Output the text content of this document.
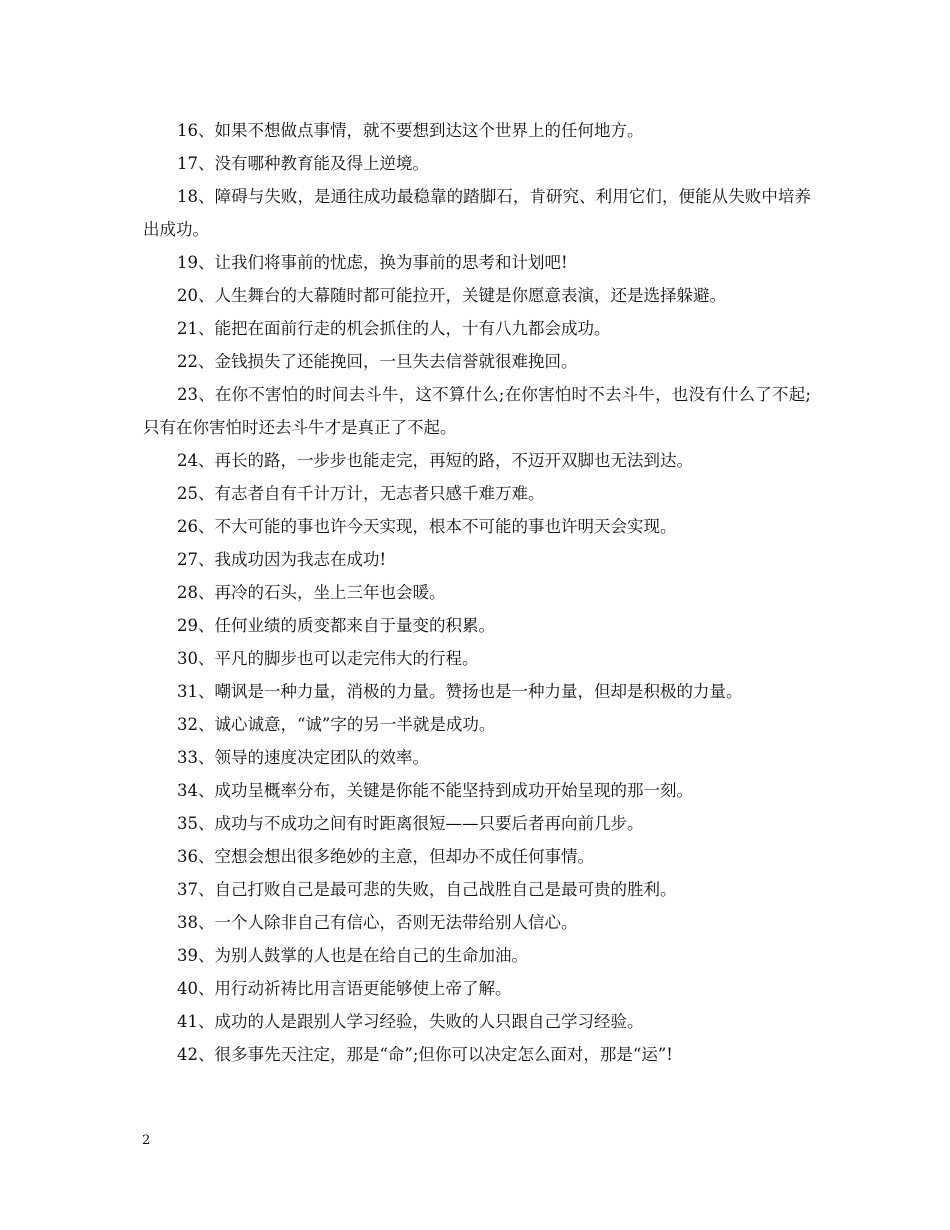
16、如果不想做点事情，就不要想到达这个世界上的任何地方。

17、没有哪种教育能及得上逆境。

18、障碍与失败，是通往成功最稳靠的踏脚石，肯研究、利用它们，便能从失败中培养出成功。

19、让我们将事前的忧虑，换为事前的思考和计划吧!

20、人生舞台的大幕随时都可能拉开，关键是你愿意表演，还是选择躲避。

21、能把在面前行走的机会抓住的人，十有八九都会成功。

22、金钱损失了还能挽回，一旦失去信誉就很难挽回。

23、在你不害怕的时间去斗牛，这不算什么;在你害怕时不去斗牛，也没有什么了不起;只有在你害怕时还去斗牛才是真正了不起。

24、再长的路，一步步也能走完，再短的路，不迈开双脚也无法到达。

25、有志者自有千计万计，无志者只感千难万难。

26、不大可能的事也许今天实现，根本不可能的事也许明天会实现。

27、我成功因为我志在成功!

28、再冷的石头，坐上三年也会暖。

29、任何业绩的质变都来自于量变的积累。

30、平凡的脚步也可以走完伟大的行程。

31、嘲讽是一种力量，消极的力量。赞扬也是一种力量，但却是积极的力量。

32、诚心诚意，“诚”字的另一半就是成功。

33、领导的速度决定团队的效率。

34、成功呈概率分布，关键是你能不能坚持到成功开始呈现的那一刻。

35、成功与不成功之间有时距离很短——只要后者再向前几步。

36、空想会想出很多绝妙的主意，但却办不成任何事情。

37、自己打败自己是最可悲的失败，自己战胜自己是最可贵的胜利。

38、一个人除非自己有信心，否则无法带给别人信心。

39、为别人鼓掌的人也是在给自己的生命加油。

40、用行动祈祷比用言语更能够使上帝了解。

41、成功的人是跟别人学习经验，失败的人只跟自己学习经验。

42、很多事先天注定，那是“命”;但你可以决定怎么面对，那是“运”!

2
